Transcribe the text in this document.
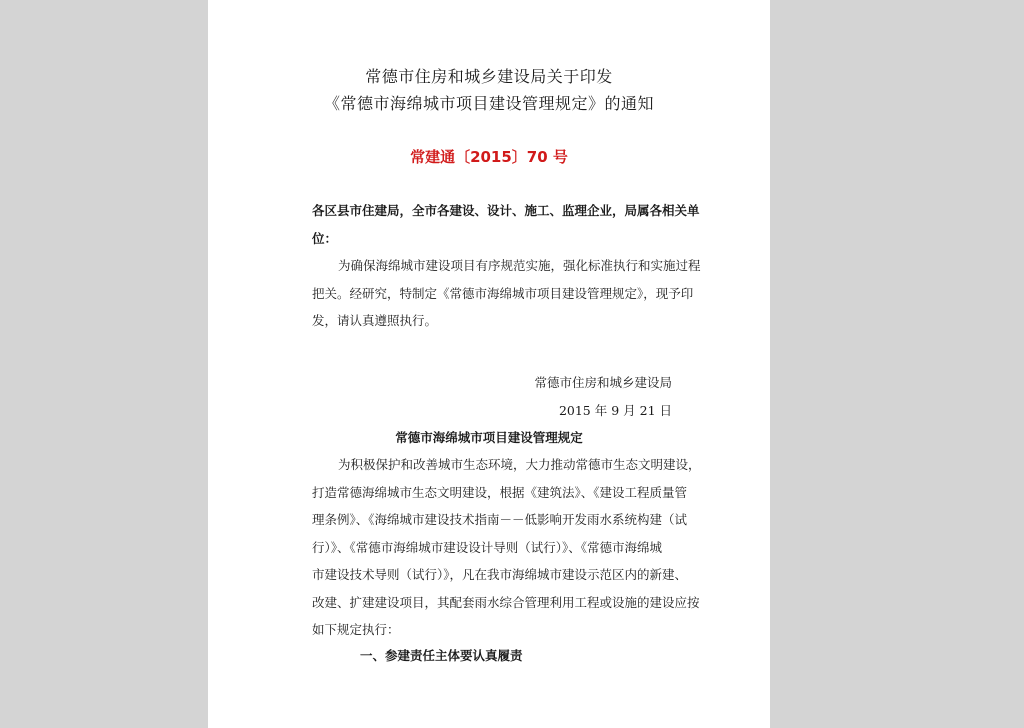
常德市住房和城乡建设局关于印发
《常德市海绵城市项目建设管理规定》的通知
常建通〔2015〕70 号
各区县市住建局，全市各建设、设计、施工、监理企业，局属各相关单
位：
为确保海绵城市建设项目有序规范实施，强化标准执行和实施过程
把关。经研究，特制定《常德市海绵城市项目建设管理规定》，现予印
发，请认真遵照执行。
常德市住房和城乡建设局
2015 年 9 月 21 日
常德市海绵城市项目建设管理规定
为积极保护和改善城市生态环境，大力推动常德市生态文明建设，
打造常德海绵城市生态文明建设，根据《建筑法》、《建设工程质量管
理条例》、《海绵城市建设技术指南－－低影响开发雨水系统构建（试
行）》、《常德市海绵城市建设设计导则（试行）》、《常德市海绵城
市建设技术导则（试行）》，凡在我市海绵城市建设示范区内的新建、
改建、扩建建设项目，其配套雨水综合管理利用工程或设施的建设应按
如下规定执行：
一、参建责任主体要认真履责
